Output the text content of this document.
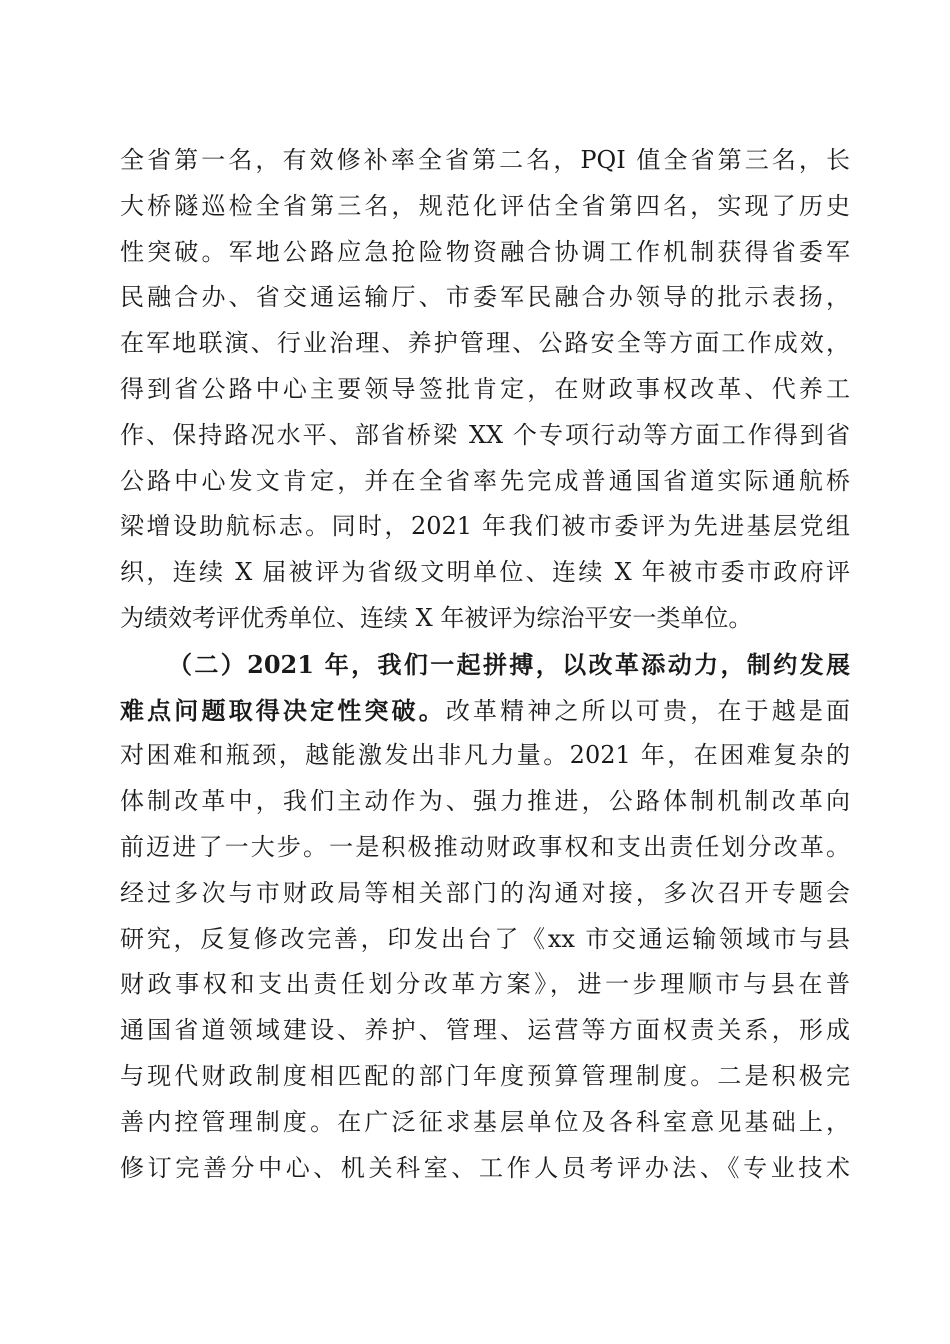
全省第一名，有效修补率全省第二名，PQI 值全省第三名，长
大桥隧巡检全省第三名，规范化评估全省第四名，实现了历史
性突破。军地公路应急抢险物资融合协调工作机制获得省委军
民融合办、省交通运输厅、市委军民融合办领导的批示表扬，
在军地联演、行业治理、养护管理、公路安全等方面工作成效，
得到省公路中心主要领导签批肯定，在财政事权改革、代养工
作、保持路况水平、部省桥梁 XX 个专项行动等方面工作得到省
公路中心发文肯定，并在全省率先完成普通国省道实际通航桥
梁增设助航标志。同时，2021 年我们被市委评为先进基层党组
织，连续 X 届被评为省级文明单位、连续 X 年被市委市政府评
为绩效考评优秀单位、连续 X 年被评为综治平安一类单位。
（二）2021 年，我们一起拼搏，以改革添动力，制约发展
难点问题取得决定性突破。改革精神之所以可贵，在于越是面
对困难和瓶颈，越能激发出非凡力量。2021 年，在困难复杂的
体制改革中，我们主动作为、强力推进，公路体制机制改革向
前迈进了一大步。一是积极推动财政事权和支出责任划分改革。
经过多次与市财政局等相关部门的沟通对接，多次召开专题会
研究，反复修改完善，印发出台了《xx 市交通运输领域市与县
财政事权和支出责任划分改革方案》，进一步理顺市与县在普
通国省道领域建设、养护、管理、运营等方面权责关系，形成
与现代财政制度相匹配的部门年度预算管理制度。二是积极完
善内控管理制度。在广泛征求基层单位及各科室意见基础上，
修订完善分中心、机关科室、工作人员考评办法、《专业技术
